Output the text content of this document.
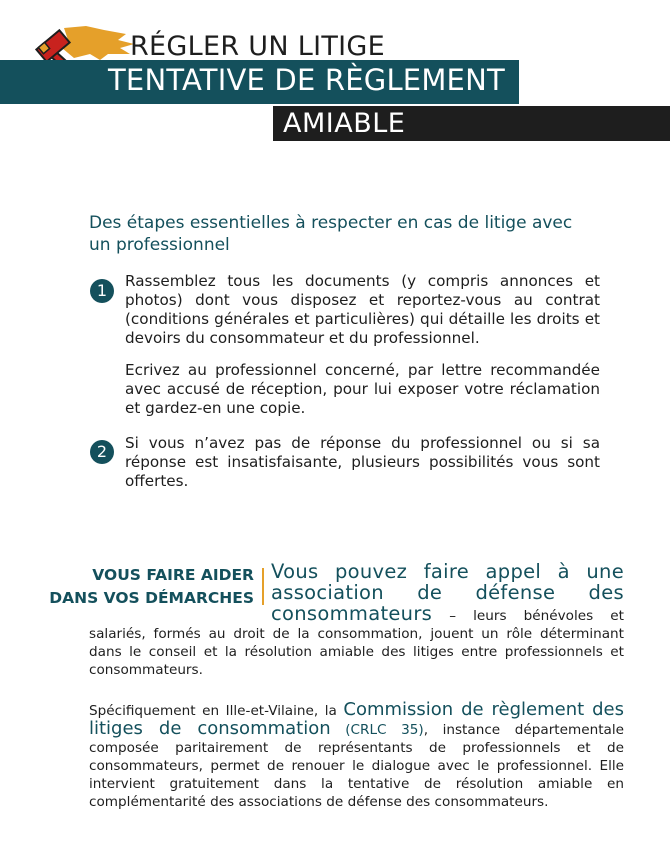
RÉGLER UN LITIGE
TENTATIVE DE RÈGLEMENT
AMIABLE
Des étapes essentielles à respecter en cas de litige avec un professionnel
1	Rassemblez tous les documents (y compris annonces et photos) dont vous disposez et reportez-vous au contrat (conditions générales et particulières) qui détaille les droits et devoirs du consommateur et du professionnel.
Ecrivez au professionnel concerné, par lettre recommandée avec accusé de réception, pour lui exposer votre réclamation et gardez-en une copie.
2	Si vous n’avez pas de réponse du professionnel ou si sa réponse est insatisfaisante, plusieurs possibilités vous sont offertes.
VOUS FAIRE AIDER
DANS VOS DÉMARCHES
Vous pouvez faire appel à une association de défense des consommateurs – leurs bénévoles et salariés, formés au droit de la consommation, jouent un rôle déterminant dans le conseil et la résolution amiable des litiges entre professionnels et consommateurs.
Spécifiquement en Ille-et-Vilaine, la Commission de règlement des litiges de consommation (CRLC 35), instance départementale composée paritairement de représentants de professionnels et de consommateurs, permet de renouer le dialogue avec le professionnel. Elle intervient gratuitement dans la tentative de résolution amiable en complémentarité des associations de défense des consommateurs.
